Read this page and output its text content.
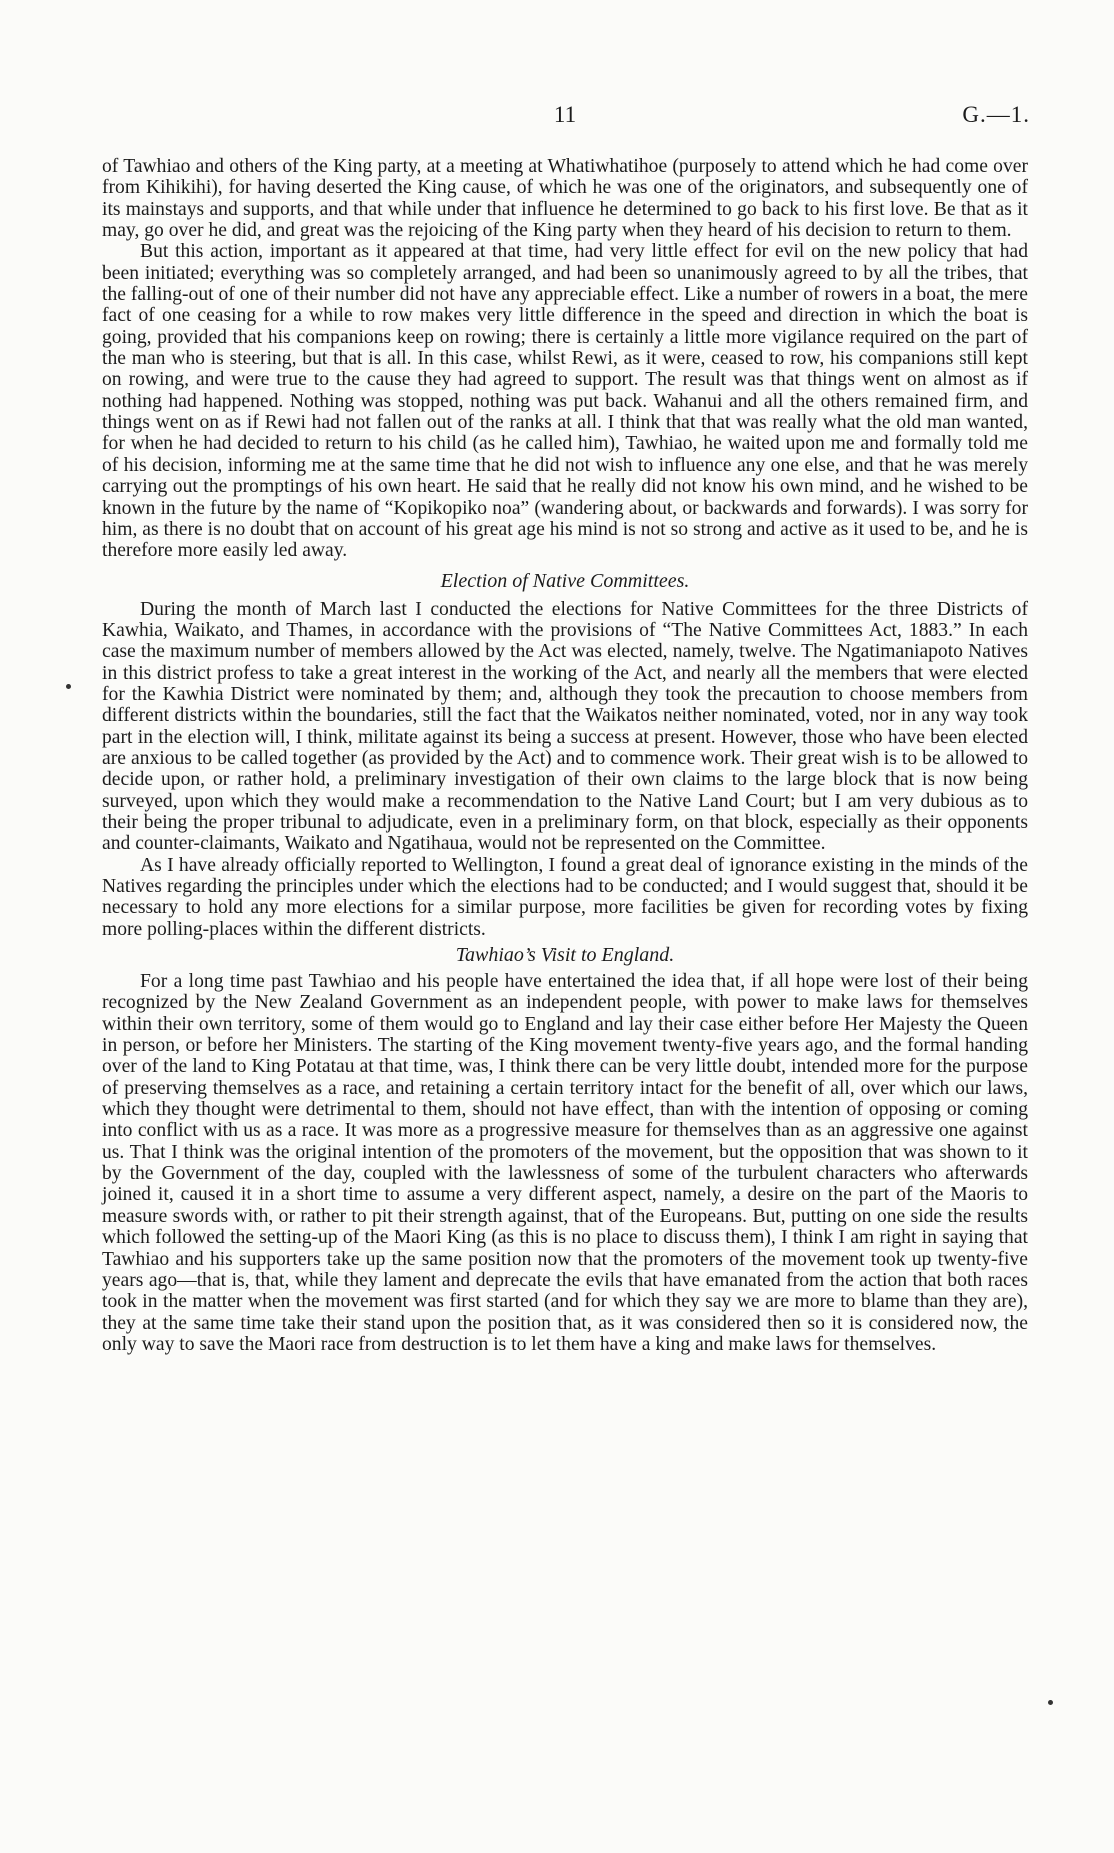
11	G.—1.

of Tawhiao and others of the King party, at a meeting at Whatiwhatihoe (purposely to attend which he had come over from Kihikihi), for having deserted the King cause, of which he was one of the originators, and subsequently one of its mainstays and supports, and that while under that influence he determined to go back to his first love. Be that as it may, go over he did, and great was the rejoicing of the King party when they heard of his decision to return to them.

But this action, important as it appeared at that time, had very little effect for evil on the new policy that had been initiated; everything was so completely arranged, and had been so unanimously agreed to by all the tribes, that the falling-out of one of their number did not have any appreciable effect. Like a number of rowers in a boat, the mere fact of one ceasing for a while to row makes very little difference in the speed and direction in which the boat is going, provided that his companions keep on rowing; there is certainly a little more vigilance required on the part of the man who is steering, but that is all. In this case, whilst Rewi, as it were, ceased to row, his companions still kept on rowing, and were true to the cause they had agreed to support. The result was that things went on almost as if nothing had happened. Nothing was stopped, nothing was put back. Wahanui and all the others remained firm, and things went on as if Rewi had not fallen out of the ranks at all. I think that that was really what the old man wanted, for when he had decided to return to his child (as he called him), Tawhiao, he waited upon me and formally told me of his decision, informing me at the same time that he did not wish to influence any one else, and that he was merely carrying out the promptings of his own heart. He said that he really did not know his own mind, and he wished to be known in the future by the name of “Kopikopiko noa” (wandering about, or backwards and forwards). I was sorry for him, as there is no doubt that on account of his great age his mind is not so strong and active as it used to be, and he is therefore more easily led away.

Election of Native Committees.

During the month of March last I conducted the elections for Native Committees for the three Districts of Kawhia, Waikato, and Thames, in accordance with the provisions of “The Native Committees Act, 1883.” In each case the maximum number of members allowed by the Act was elected, namely, twelve. The Ngatimaniapoto Natives in this district profess to take a great interest in the working of the Act, and nearly all the members that were elected for the Kawhia District were nominated by them; and, although they took the precaution to choose members from different districts within the boundaries, still the fact that the Waikatos neither nominated, voted, nor in any way took part in the election will, I think, militate against its being a success at present. However, those who have been elected are anxious to be called together (as provided by the Act) and to commence work. Their great wish is to be allowed to decide upon, or rather hold, a preliminary investigation of their own claims to the large block that is now being surveyed, upon which they would make a recommendation to the Native Land Court; but I am very dubious as to their being the proper tribunal to adjudicate, even in a preliminary form, on that block, especially as their opponents and counter-claimants, Waikato and Ngatihaua, would not be represented on the Committee.

As I have already officially reported to Wellington, I found a great deal of ignorance existing in the minds of the Natives regarding the principles under which the elections had to be conducted; and I would suggest that, should it be necessary to hold any more elections for a similar purpose, more facilities be given for recording votes by fixing more polling-places within the different districts.

Tawhiao’s Visit to England.

For a long time past Tawhiao and his people have entertained the idea that, if all hope were lost of their being recognized by the New Zealand Government as an independent people, with power to make laws for themselves within their own territory, some of them would go to England and lay their case either before Her Majesty the Queen in person, or before her Ministers. The starting of the King movement twenty-five years ago, and the formal handing over of the land to King Potatau at that time, was, I think there can be very little doubt, intended more for the purpose of preserving themselves as a race, and retaining a certain territory intact for the benefit of all, over which our laws, which they thought were detrimental to them, should not have effect, than with the intention of opposing or coming into conflict with us as a race. It was more as a progressive measure for themselves than as an aggressive one against us. That I think was the original intention of the promoters of the movement, but the opposition that was shown to it by the Government of the day, coupled with the lawlessness of some of the turbulent characters who afterwards joined it, caused it in a short time to assume a very different aspect, namely, a desire on the part of the Maoris to measure swords with, or rather to pit their strength against, that of the Europeans. But, putting on one side the results which followed the setting-up of the Maori King (as this is no place to discuss them), I think I am right in saying that Tawhiao and his supporters take up the same position now that the promoters of the movement took up twenty-five years ago—that is, that, while they lament and deprecate the evils that have emanated from the action that both races took in the matter when the movement was first started (and for which they say we are more to blame than they are), they at the same time take their stand upon the position that, as it was considered then so it is considered now, the only way to save the Maori race from destruction is to let them have a king and make laws for themselves.
